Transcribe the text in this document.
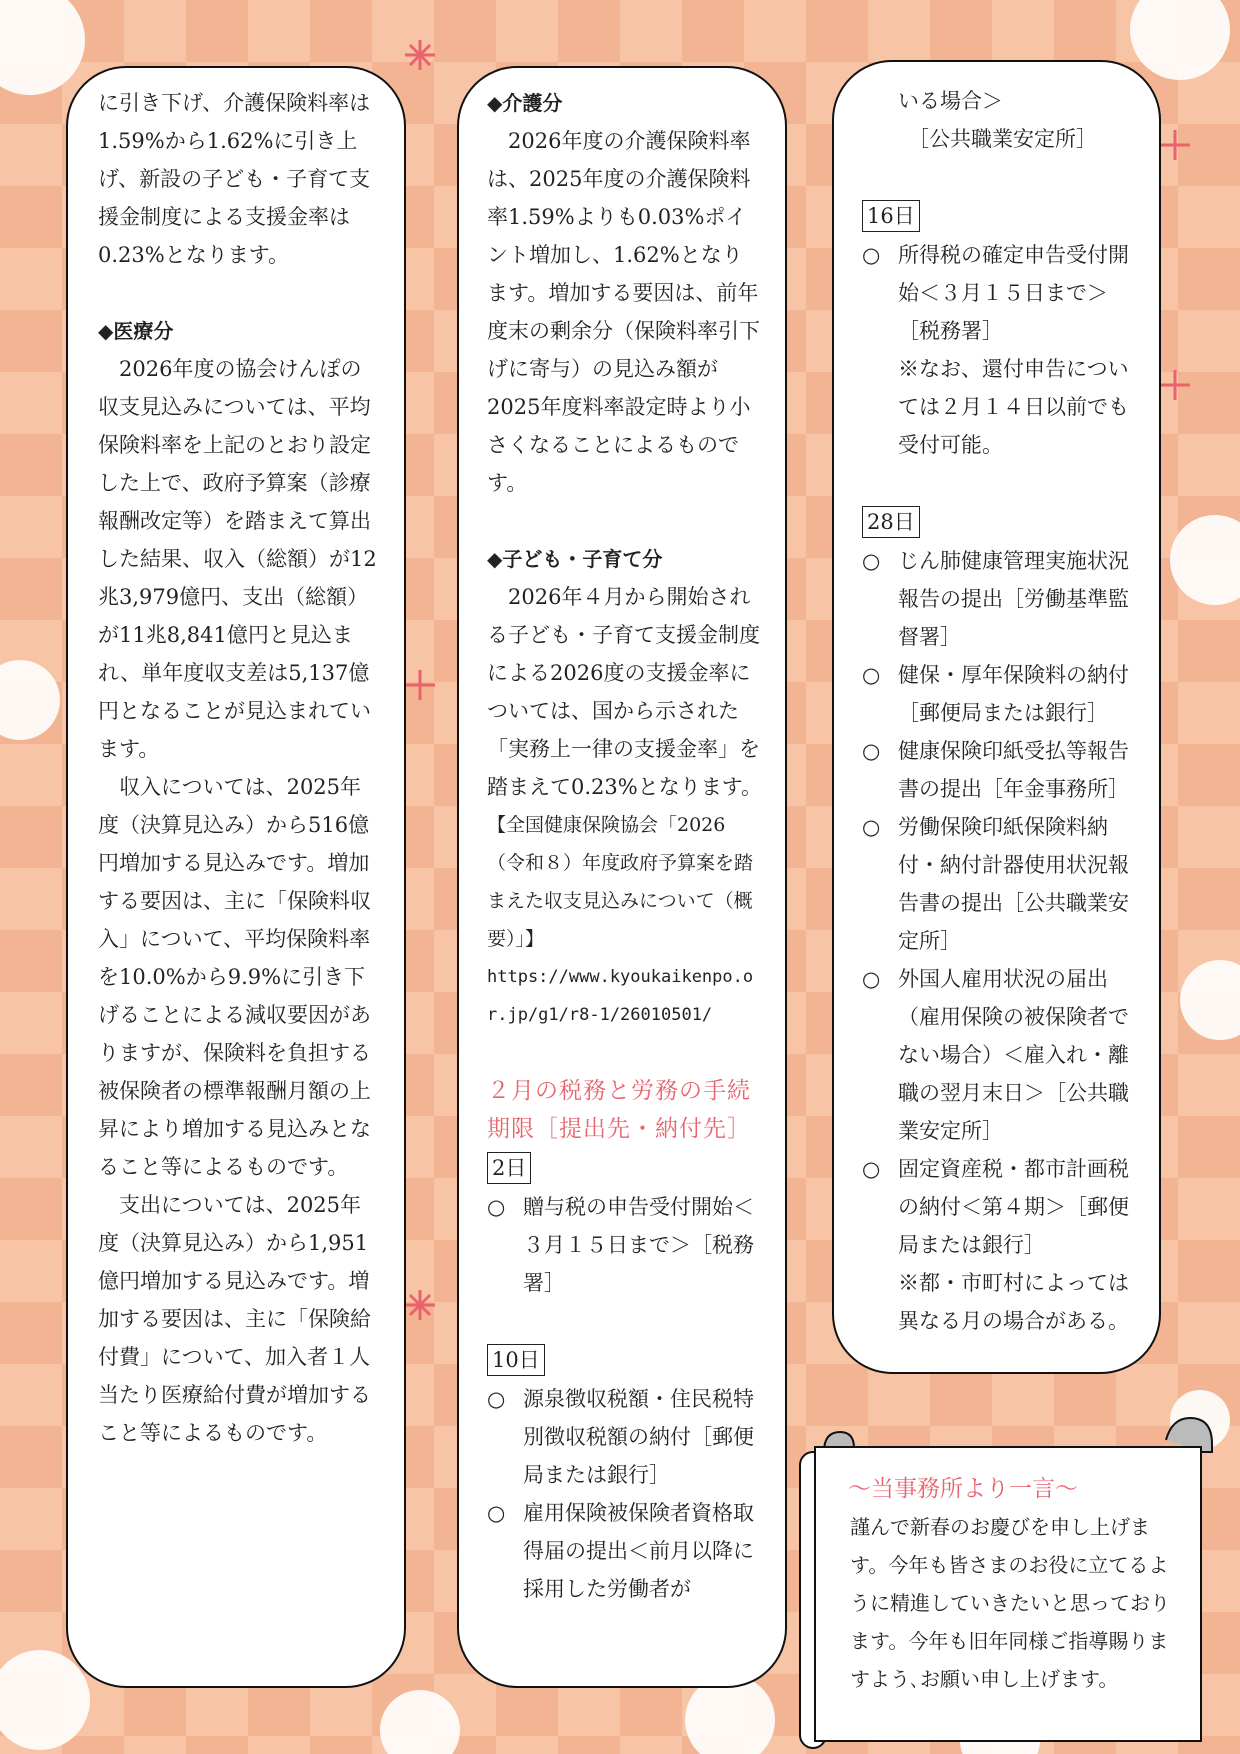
に引き下げ、介護保険料率は1.59%から1.62%に引き上げ、新設の子ども・子育て支援金制度による支援金率は0.23%となります。

◆医療分

2026年度の協会けんぽの収支見込みについては、平均保険料率を上記のとおり設定した上で、政府予算案（診療報酬改定等）を踏まえて算出した結果、収入（総額）が12兆3,979億円、支出（総額）が11兆8,841億円と見込まれ、単年度収支差は5,137億円となることが見込まれています。

収入については、2025年度（決算見込み）から516億円増加する見込みです。増加する要因は、主に「保険料収入」について、平均保険料率を10.0%から9.9%に引き下げることによる減収要因がありますが、保険料を負担する被保険者の標準報酬月額の上昇により増加する見込みとなること等によるものです。

支出については、2025年度（決算見込み）から1,951億円増加する見込みです。増加する要因は、主に「保険給付費」について、加入者１人当たり医療給付費が増加すること等によるものです。

◆介護分

2026年度の介護保険料率は、2025年度の介護保険料率1.59%よりも0.03%ポイント増加し、1.62%となります。増加する要因は、前年度末の剰余分（保険料率引下げに寄与）の見込み額が2025年度料率設定時より小さくなることによるものです。

◆子ども・子育て分

2026年４月から開始される子ども・子育て支援金制度による2026度の支援金率については、国から示された「実務上一律の支援金率」を踏まえて0.23%となります。

【全国健康保険協会「2026（令和８）年度政府予算案を踏まえた収支見込みについて（概要）」】

https://www.kyoukaikenpo.or.jp/g1/r8-1/26010501/

２月の税務と労務の手続期限［提出先・納付先］

2日
○ 贈与税の申告受付開始＜３月１５日まで＞［税務署］
10日
○ 源泉徴収税額・住民税特別徴収税額の納付［郵便局または銀行］
○ 雇用保険被保険者資格取得届の提出＜前月以降に採用した労働者が

いる場合＞

［公共職業安定所］

16日
○ 所得税の確定申告受付開始＜３月１５日まで＞［税務署］

※なお、還付申告については２月１４日以前でも受付可能。

28日
○ じん肺健康管理実施状況報告の提出［労働基準監督署］
○ 健保・厚年保険料の納付［郵便局または銀行］
○ 健康保険印紙受払等報告書の提出［年金事務所］
○ 労働保険印紙保険料納付・納付計器使用状況報告書の提出［公共職業安定所］
○ 外国人雇用状況の届出（雇用保険の被保険者でない場合）＜雇入れ・離職の翌月末日＞［公共職業安定所］
○ 固定資産税・都市計画税の納付＜第４期＞［郵便局または銀行］

※都・市町村によっては異なる月の場合がある。

～当事務所より一言～

謹んで新春のお慶びを申し上げます。今年も皆さまのお役に立てるように精進していきたいと思っております。今年も旧年同様ご指導賜りますよう､お願い申し上げます。
